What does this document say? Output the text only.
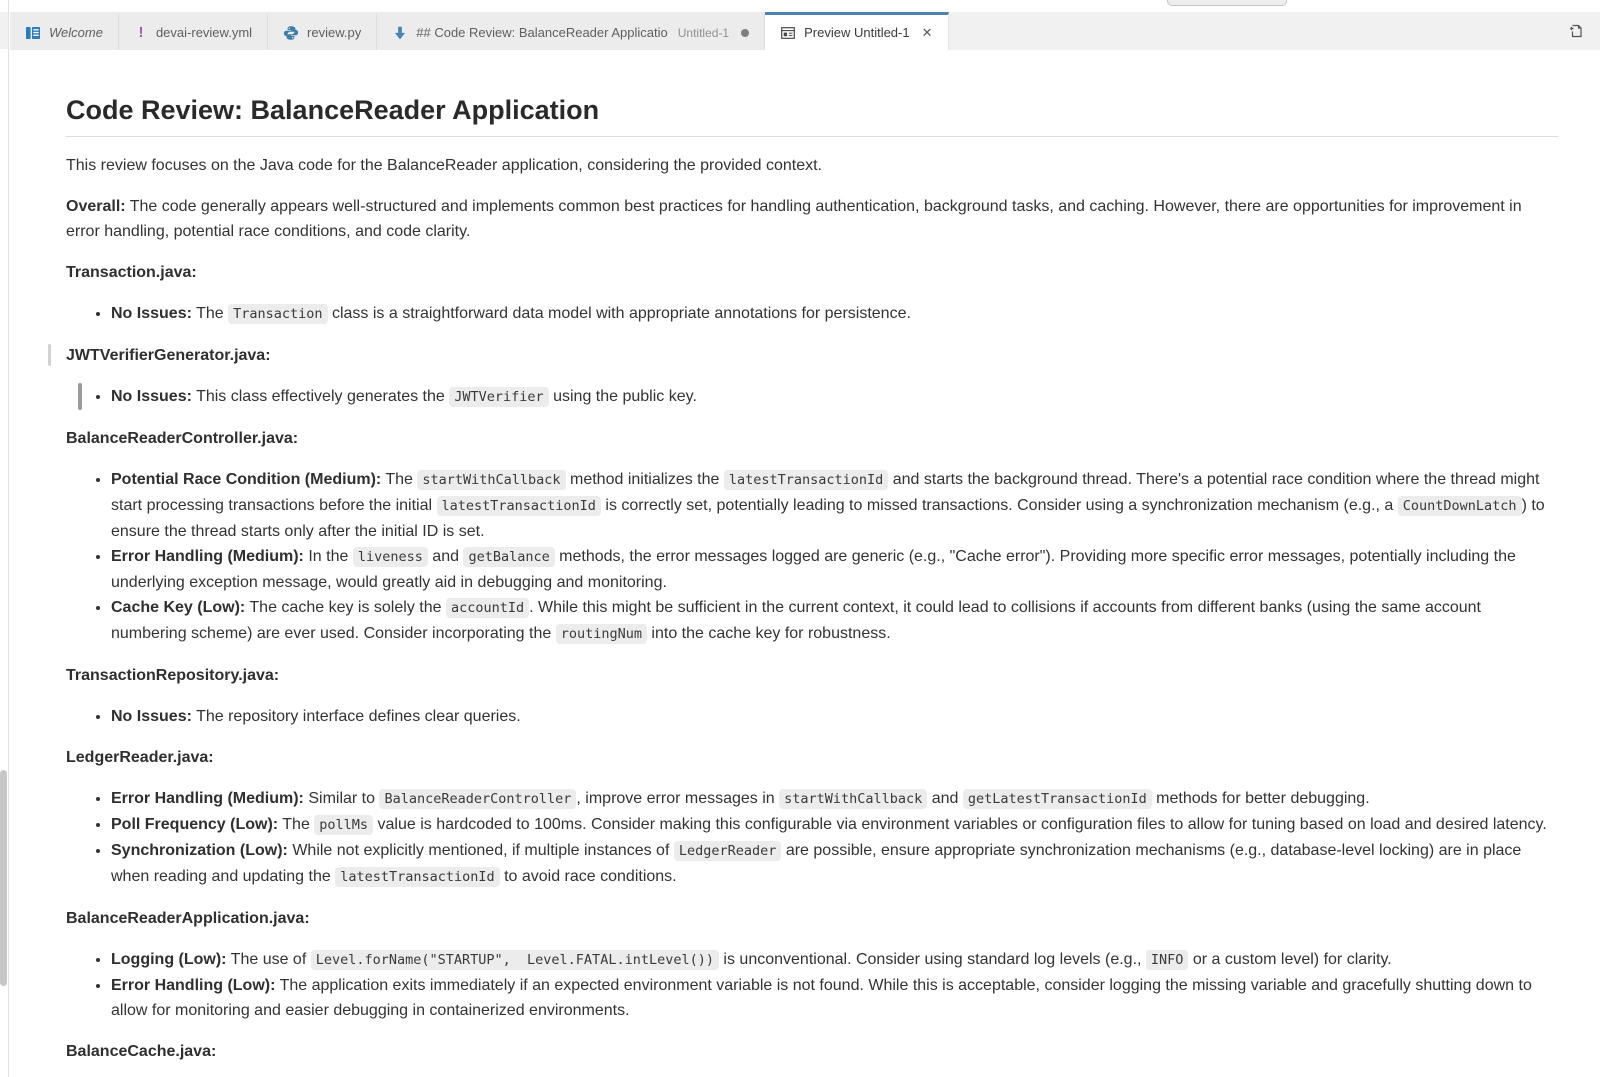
Welcome	! devai-review.yml	review.py	## Code Review: BalanceReader Applicatio Untitled-1	Preview Untitled-1 ✕
Code Review: BalanceReader Application

This review focuses on the Java code for the BalanceReader application, considering the provided context.

Overall: The code generally appears well-structured and implements common best practices for handling authentication, background tasks, and caching. However, there are opportunities for improvement in error handling, potential race conditions, and code clarity.

Transaction.java:

• No Issues: The Transaction class is a straightforward data model with appropriate annotations for persistence.

JWTVerifierGenerator.java:

• No Issues: This class effectively generates the JWTVerifier using the public key.

BalanceReaderController.java:

• Potential Race Condition (Medium): The startWithCallback method initializes the latestTransactionId and starts the background thread. There's a potential race condition where the thread might start processing transactions before the initial latestTransactionId is correctly set, potentially leading to missed transactions. Consider using a synchronization mechanism (e.g., a CountDownLatch ) to ensure the thread starts only after the initial ID is set.
• Error Handling (Medium): In the liveness and getBalance methods, the error messages logged are generic (e.g., "Cache error"). Providing more specific error messages, potentially including the underlying exception message, would greatly aid in debugging and monitoring.
• Cache Key (Low): The cache key is solely the accountId . While this might be sufficient in the current context, it could lead to collisions if accounts from different banks (using the same account numbering scheme) are ever used. Consider incorporating the routingNum into the cache key for robustness.

TransactionRepository.java:

• No Issues: The repository interface defines clear queries.

LedgerReader.java:

• Error Handling (Medium): Similar to BalanceReaderController , improve error messages in startWithCallback and getLatestTransactionId methods for better debugging.
• Poll Frequency (Low): The pollMs value is hardcoded to 100ms. Consider making this configurable via environment variables or configuration files to allow for tuning based on load and desired latency.
• Synchronization (Low): While not explicitly mentioned, if multiple instances of LedgerReader are possible, ensure appropriate synchronization mechanisms (e.g., database-level locking) are in place when reading and updating the latestTransactionId to avoid race conditions.

BalanceReaderApplication.java:

• Logging (Low): The use of Level.forName("STARTUP",  Level.FATAL.intLevel()) is unconventional. Consider using standard log levels (e.g., INFO or a custom level) for clarity.
• Error Handling (Low): The application exits immediately if an expected environment variable is not found. While this is acceptable, consider logging the missing variable and gracefully shutting down to allow for monitoring and easier debugging in containerized environments.

BalanceCache.java:
